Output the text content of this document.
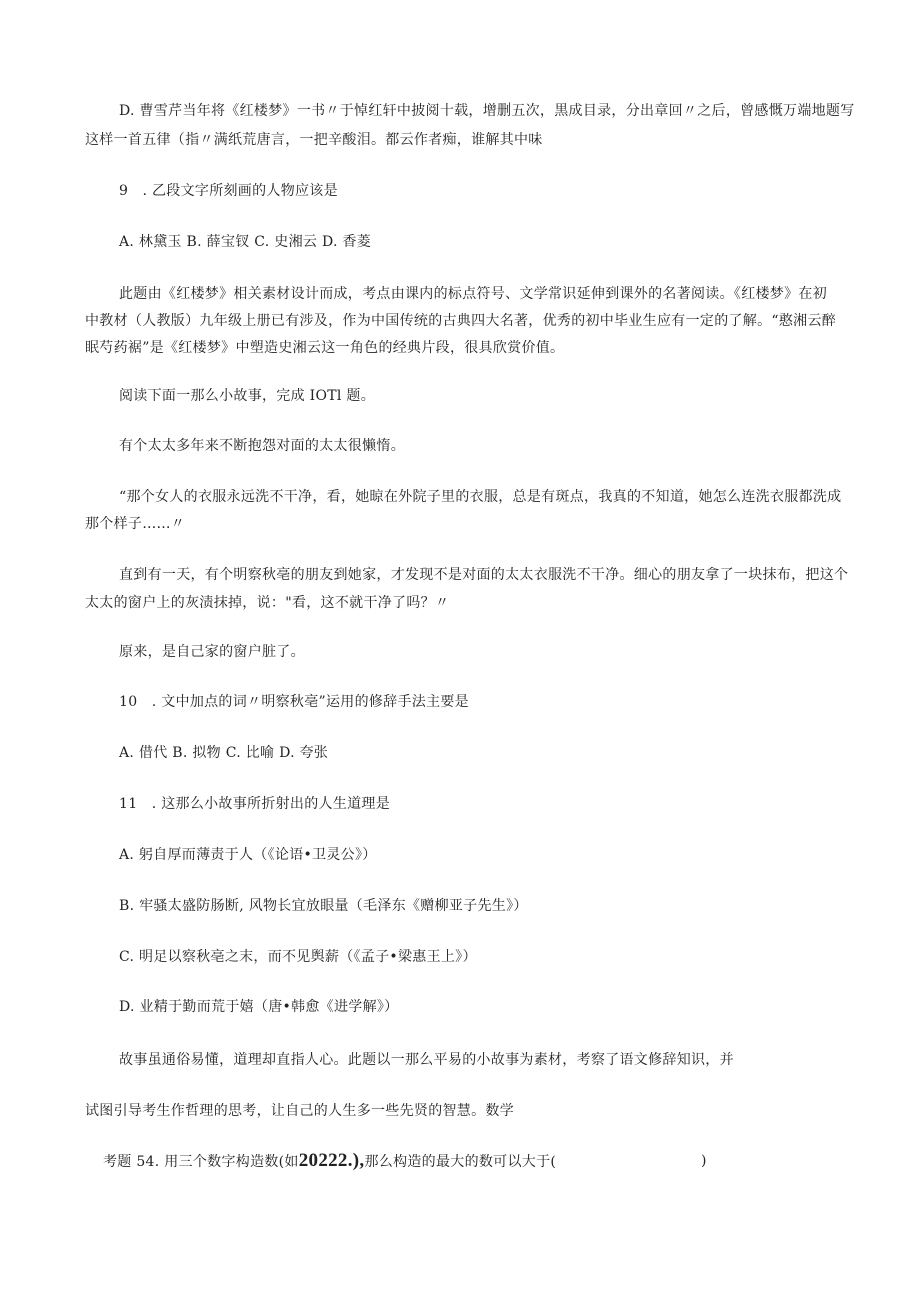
D. 曹雪芹当年将《红楼梦》一书〃于悼红轩中披阅十载，增删五次，黒成目录，分出章回〃之后，曾感慨万端地题写
这样一首五律（指〃满纸荒唐言，一把辛酸泪。都云作者痴，谁解其中味
9　. 乙段文字所刻画的人物应该是
A. 林黛玉 B. 薛宝钗 C. 史湘云 D. 香菱
此题由《红楼梦》相关素材设计而成，考点由课内的标点符号、文学常识延伸到课外的名著阅读。《红楼梦》在初
中教材（人教版）九年级上册已有涉及，作为中国传统的古典四大名著，优秀的初中毕业生应有一定的了解。“憨湘云醉
眠芍药裾”是《红楼梦》中塑造史湘云这一角色的经典片段，很具欣赏价值。
阅读下面一那么小故事，完成 IOTl 题。
有个太太多年来不断抱怨对面的太太很懒惰。
“那个女人的衣服永远洗不干净，看，她晾在外院子里的衣服，总是有斑点，我真的不知道，她怎么连洗衣服都洗成
那个样子……〃
直到有一天，有个明察秋亳的朋友到她家，才发现不是对面的太太衣服洗不干净。细心的朋友拿了一块抹布，把这个
太太的窗户上的灰渍抹掉，说："看，这不就干净了吗？〃
原来，是自己家的窗户脏了。
10　. 文中加点的词〃明察秋亳”运用的修辞手法主要是
A. 借代 B. 拟物 C. 比喻 D. 夸张
11　. 这那么小故事所折射出的人生道理是
A. 躬自厚而薄责于人（《论语•卫灵公》）
B. 牢骚太盛防肠断, 风物长宜放眼量（毛泽东《赠柳亚子先生》）
C. 明足以察秋亳之末，而不见舆薪（《孟子•梁惠王上》）
D. 业精于勤而荒于嬉（唐•韩愈《进学解》）
故事虽通俗易懂，道理却直指人心。此题以一那么平易的小故事为素材，考察了语文修辞知识，并
试图引导考生作哲理的思考，让自己的人生多一些先贤的智慧。数学
考题 54. 用三个数字构造数(如20222.),那么构造的最大的数可以大于(	)
